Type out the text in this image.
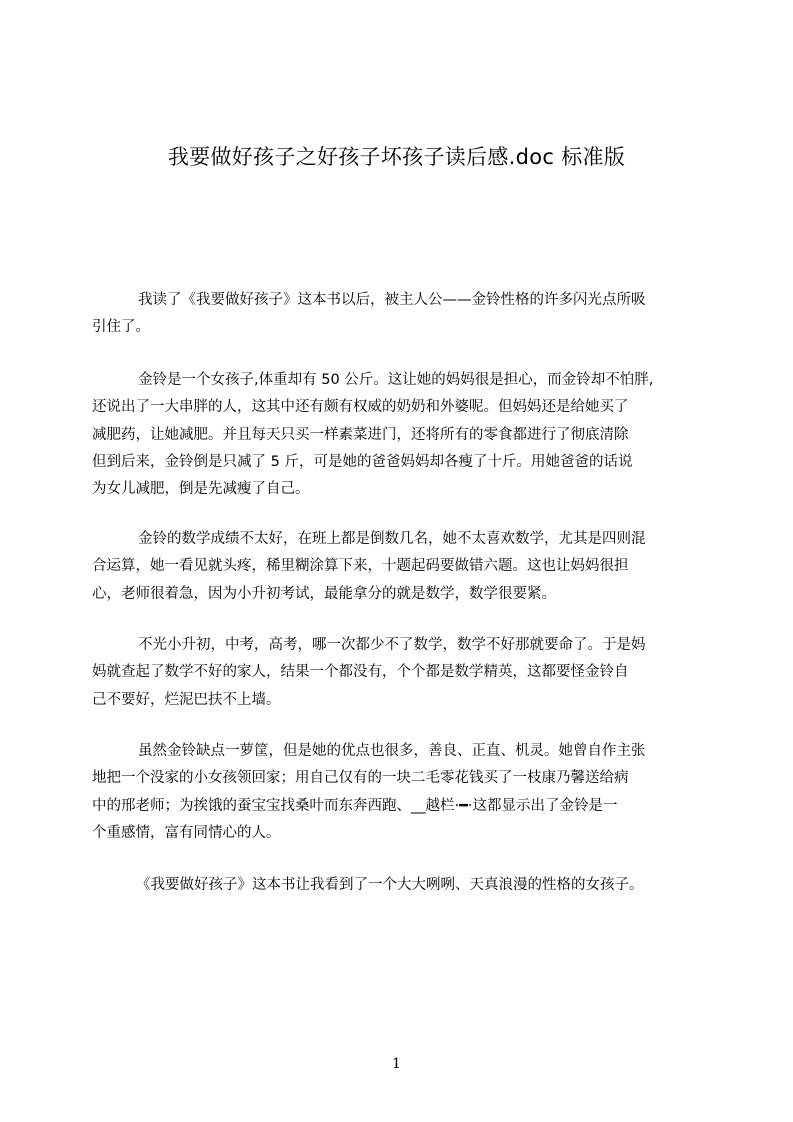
我要做好孩子之好孩子坏孩子读后感.doc 标准版
我读了《我要做好孩子》这本书以后，被主人公——金铃性格的许多闪光点所吸
引住了。
金铃是一个女孩子,体重却有 50 公斤。这让她的妈妈很是担心，而金铃却不怕胖,
还说出了一大串胖的人，这其中还有颇有权威的奶奶和外婆呢。但妈妈还是给她买了
减肥药，让她减肥。并且每天只买一样素菜进门，还将所有的零食都进行了彻底清除
但到后来，金铃倒是只减了 5 斤，可是她的爸爸妈妈却各瘦了十斤。用她爸爸的话说
为女儿减肥，倒是先减瘦了自己。
金铃的数学成绩不太好，在班上都是倒数几名，她不太喜欢数学，尤其是四则混
合运算，她一看见就头疼，稀里糊涂算下来，十题起码要做错六题。这也让妈妈很担
心，老师很着急，因为小升初考试，最能拿分的就是数学，数学很要紧。
不光小升初，中考，高考，哪一次都少不了数学，数学不好那就要命了。于是妈
妈就查起了数学不好的家人，结果一个都没有，个个都是数学精英，这都要怪金铃自
己不要好，烂泥巴扶不上墙。
虽然金铃缺点一萝筐，但是她的优点也很多，善良、正直、机灵。她曾自作主张
地把一个没家的小女孩领回家；用自己仅有的一块二毛零花钱买了一枝康乃馨送给病
中的邢老师；为挨饿的蚕宝宝找桑叶而东奔西跑、__越栏·━·这都显示出了金铃是一
个重感情，富有同情心的人。
《我要做好孩子》这本书让我看到了一个大大咧咧、天真浪漫的性格的女孩子。
1
